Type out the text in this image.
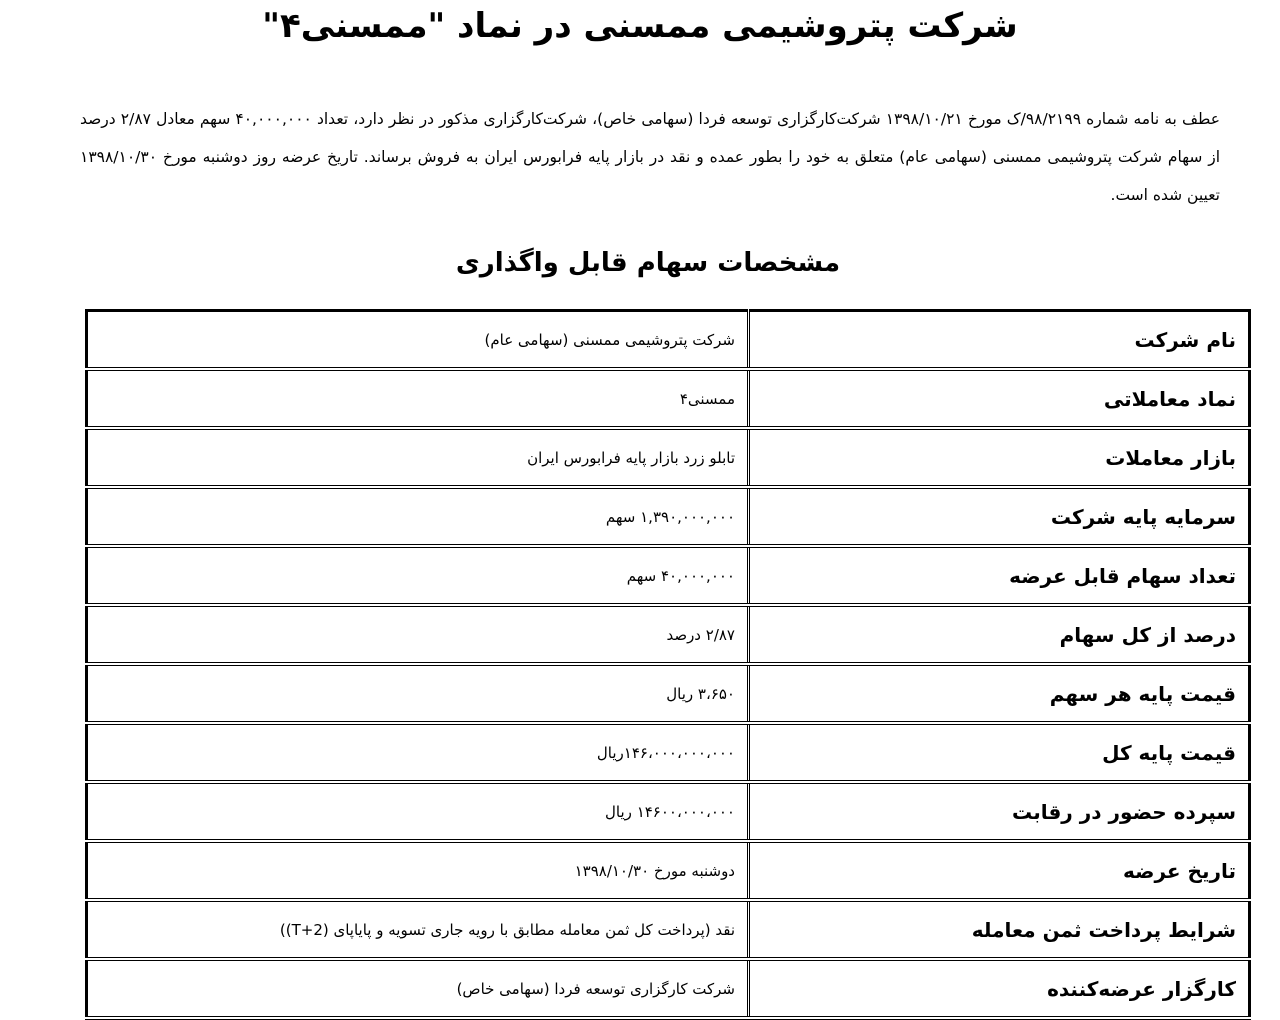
شرکت پتروشیمی ممسنی در نماد "ممسنی۴"
عطف به نامه شماره ۹۸/۲۱۹۹/ک مورخ ۱۳۹۸/۱۰/۲۱ شرکت‌کارگزاری توسعه فردا (سهامی خاص)، شرکت‌کارگزاری مذکور در نظر دارد، تعداد ۴۰,۰۰۰,۰۰۰ سهم معادل ۲/۸۷ درصد از سهام شرکت پتروشیمی ممسنی (سهامی عام) متعلق به خود را بطور عمده و نقد در بازار پایه فرابورس ایران به فروش برساند. تاریخ عرضه روز دوشنبه مورخ ۱۳۹۸/۱۰/۳۰ تعیین شده است.
مشخصات سهام قابل واگذاری
نام شرکت	شرکت پتروشیمی ممسنی (سهامی عام)
نماد معاملاتی	ممسنی۴
بازار معاملات	تابلو زرد بازار پایه فرابورس ایران
سرمایه پایه شرکت	۱,۳۹۰,۰۰۰,۰۰۰ سهم
تعداد سهام قابل عرضه	۴۰,۰۰۰,۰۰۰ سهم
درصد از کل سهام	۲/۸۷ درصد
قیمت پایه هر سهم	۳،۶۵۰ ریال
قیمت پایه کل	۱۴۶،۰۰۰،۰۰۰،۰۰۰ریال
سپرده حضور در رقابت	۱۴۶۰۰،۰۰۰،۰۰۰ ریال
تاریخ عرضه	دوشنبه مورخ ۱۳۹۸/۱۰/۳۰
شرایط پرداخت ثمن معامله	نقد (پرداخت کل ثمن معامله مطابق با رویه جاری تسویه و پایاپای (T+2))
کارگزار عرضه‌کننده	شرکت کارگزاری توسعه فردا (سهامی خاص)
